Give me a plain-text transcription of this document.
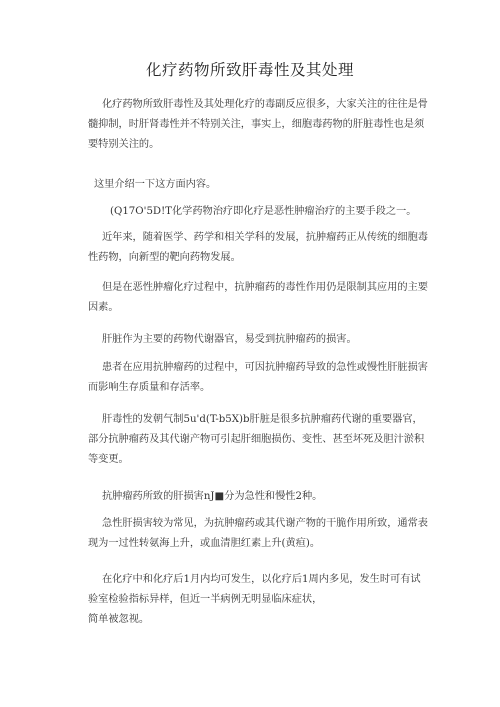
化疗药物所致肝毒性及其处理

化疗药物所致肝毒性及其处理化疗的毒副反应很多，大家关注的往往是骨髓抑制，时肝肾毒性并不特别关注，事实上，细胞毒药物的肝脏毒性也是须要特别关注的。

这里介绍一下这方面内容。

(Q17O'5D!T化学药物治疗即化疗是恶性肿瘤治疗的主要手段之一。

近年来，随着医学、药学和相关学科的发展，抗肿瘤药正从传统的细胞毒性药物，向新型的靶向药物发展。

但是在恶性肿瘤化疗过程中，抗肿瘤药的毒性作用仍是限制其应用的主要因素。

肝脏作为主要的药物代谢器官，易受到抗肿瘤药的损害。

患者在应用抗肿瘤药的过程中，可因抗肿瘤药导致的急性或慢性肝脏损害而影响生存质量和存活率。

肝毒性的发朝气制5u'd(T-b5X)b肝脏是很多抗肿瘤药代谢的重要器官，部分抗肿瘤药及其代谢产物可引起肝细胞损伤、变性、甚至坏死及胆汁淤积等变更。

抗肿瘤药所致的肝损害nJ■分为急性和慢性2种。

急性肝损害较为常见，为抗肿瘤药或其代谢产物的干脆作用所致，通常表现为一过性转氨海上升，或血清胆红素上升(黄疸)。

在化疗中和化疗后1月内均可发生，以化疗后1周内多见，发生时可有试验室检验指标异样，但近一半病例无明显临床症状，
简单被忽视。
